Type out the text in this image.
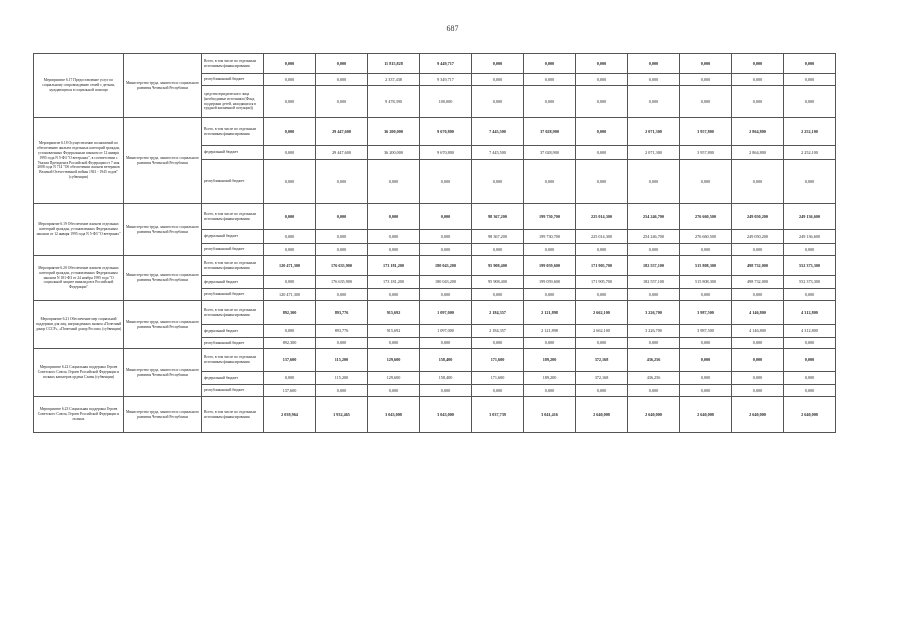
687
Мероприятие 6.17 Предоставление услуг по социальному сопровождению семей с детьми, нуждающихся в социальной помощи	Министерство труда, занятости и социального развития Чеченской Республики	Всего, в том числе по отдельным источникам финансирования	0,000	0,000	11 815,828	9 449,717	0,000	0,000	0,000	0,000	0,000	0,000	0,000
		республиканский бюджет	0,000	0,000	2 337,438	9 349,717	0,000	0,000	0,000	0,000	0,000	0,000	0,000
		средства юридического лица (необходимые источники (Фонд поддержки детей, находящихся в трудной жизненной ситуации))	0,000	0,000	9 478,390	100,000	0,000	0,000	0,000	0,000	0,000	0,000	0,000
Мероприятие 6.18 Осуществление полномочий по обеспечению жильем отдельных категорий граждан, установленных Федеральным законом от 12 января 1995 года N 5-ФЗ "О ветеранах", в соответствии с Указом Президента Российской Федерации от 7 мая 2008 года N 714 "Об обеспечении жильем ветеранов Великой Отечественной войны 1941 - 1945 годов" (субвенции)	Министерство труда, занятости и социального развития Чеченской Республики	Всего, в том числе по отдельным источникам финансирования	0,000	29 447,600	36 200,000	9 670,800	7 445,500	37 028,900	0,000	2 071,300	3 957,800	2 864,800	2 252,100
		федеральный бюджет	0,000	29 447,600	36 200,000	9 670,800	7 445,500	37 028,900	0,000	2 071,300	3 957,800	2 864,800	2 252,100
		республиканский бюджет	0,000	0,000	0,000	0,000	0,000	0,000	0,000	0,000	0,000	0,000	0,000
Мероприятие 6.19 Обеспечение жильем отдельных категорий граждан, установленных Федеральным законом от 12 января 1995 года N 5-ФЗ "О ветеранах"	Министерство труда, занятости и социального развития Чеченской Республики	Всего, в том числе по отдельным источникам финансирования	0,000	0,000	0,000	0,000	98 367,200	199 730,700	225 014,300	254 246,700	276 660,500	249 050,200	249 136,600
		федеральный бюджет	0,000	0,000	0,000	0,000	98 367,200	199 730,700	225 014,300	254 246,700	276 660,500	249 050,200	249 136,600
		республиканский бюджет	0,000	0,000	0,000	0,000	0,000	0,000	0,000	0,000	0,000	0,000	0,000
Мероприятие 6.20 Обеспечение жильем отдельных категорий граждан, установленных Федеральным законом N 181-ФЗ от 24 ноября 1995 года "О социальной защите инвалидов в Российской Федерации"	Министерство труда, занятости и социального развития Чеченской Республики	Всего, в том числе по отдельным источникам финансирования	120 471,300	176 635,900	173 181,200	180 043,200	95 908,400	199 059,600	171 905,700	182 557,100	515 808,300	498 732,000	552 373,300
		федеральный бюджет	0,000	176 635,900	173 181,200	180 043,200	95 908,400	199 059,600	171 905,700	182 557,100	515 808,300	498 732,000	552 373,300
		республиканский бюджет	120 471,300	0,000	0,000	0,000	0,000	0,000	0,000	0,000	0,000	0,000	0,000
Мероприятие 6.21 Обеспечение мер социальной поддержки для лиц, награжденных знаком «Почетный донор СССР», «Почетный донор России» (субвенции)	Министерство труда, занятости и социального развития Чеченской Республики	Всего, в том числе по отдельным источникам финансирования	892,300	893,776	915,692	1 097,000	2 184,357	2 121,898	2 662,100	3 226,700	3 987,500	4 146,800	4 312,800
		федеральный бюджет	0,000	893,776	915,692	1 097,000	2 184,357	2 121,898	2 662,100	3 226,700	3 987,500	4 146,800	4 312,800
		республиканский бюджет	892,300	0,000	0,000	0,000	0,000	0,000	0,000	0,000	0,000	0,000	0,000
Мероприятие 6.22 Социальная поддержка Героев Советского Союза, Героев Российской Федерации и полных кавалеров ордена Славы (субвенции)	Министерство труда, занятости и социального развития Чеченской Республики	Всего, в том числе по отдельным источникам финансирования	137,600	115,200	129,600	158,400	171,600	189,200	372,168	436,256	0,000	0,000	0,000
		федеральный бюджет	0,000	115,200	129,600	158,400	171,600	189,200	372,168	436,256	0,000	0,000	0,000
		республиканский бюджет	137,600	0,000	0,000	0,000	0,000	0,000	0,000	0,000	0,000	0,000	0,000
Мероприятие 6.23 Социальная поддержка Героев Советского Союза, Героев Российской Федерации и полных	Министерство труда, занятости и социального развития Чеченской Республики	Всего, в том числе по отдельным источникам финансирования	2 039,964	1 932,465	3 043,000	3 043,000	3 037,739	3 041,416	2 640,000	2 640,000	2 640,000	2 640,000	2 640,000
